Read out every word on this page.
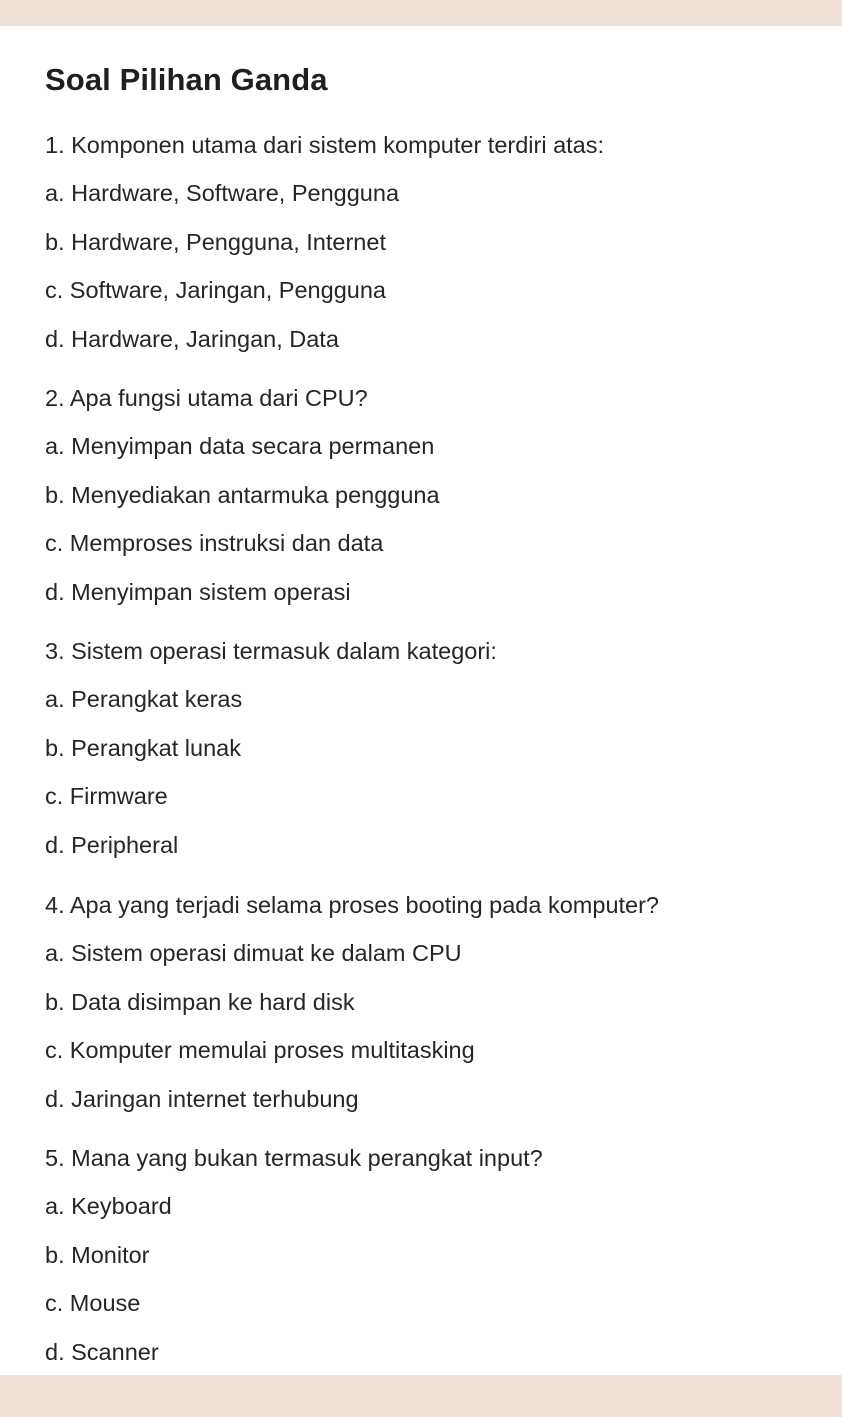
Soal Pilihan Ganda
1. Komponen utama dari sistem komputer terdiri atas:
a. Hardware, Software, Pengguna
b. Hardware, Pengguna, Internet
c. Software, Jaringan, Pengguna
d. Hardware, Jaringan, Data
2. Apa fungsi utama dari CPU?
a. Menyimpan data secara permanen
b. Menyediakan antarmuka pengguna
c. Memproses instruksi dan data
d. Menyimpan sistem operasi
3. Sistem operasi termasuk dalam kategori:
a. Perangkat keras
b. Perangkat lunak
c. Firmware
d. Peripheral
4. Apa yang terjadi selama proses booting pada komputer?
a. Sistem operasi dimuat ke dalam CPU
b. Data disimpan ke hard disk
c. Komputer memulai proses multitasking
d. Jaringan internet terhubung
5. Mana yang bukan termasuk perangkat input?
a. Keyboard
b. Monitor
c. Mouse
d. Scanner
